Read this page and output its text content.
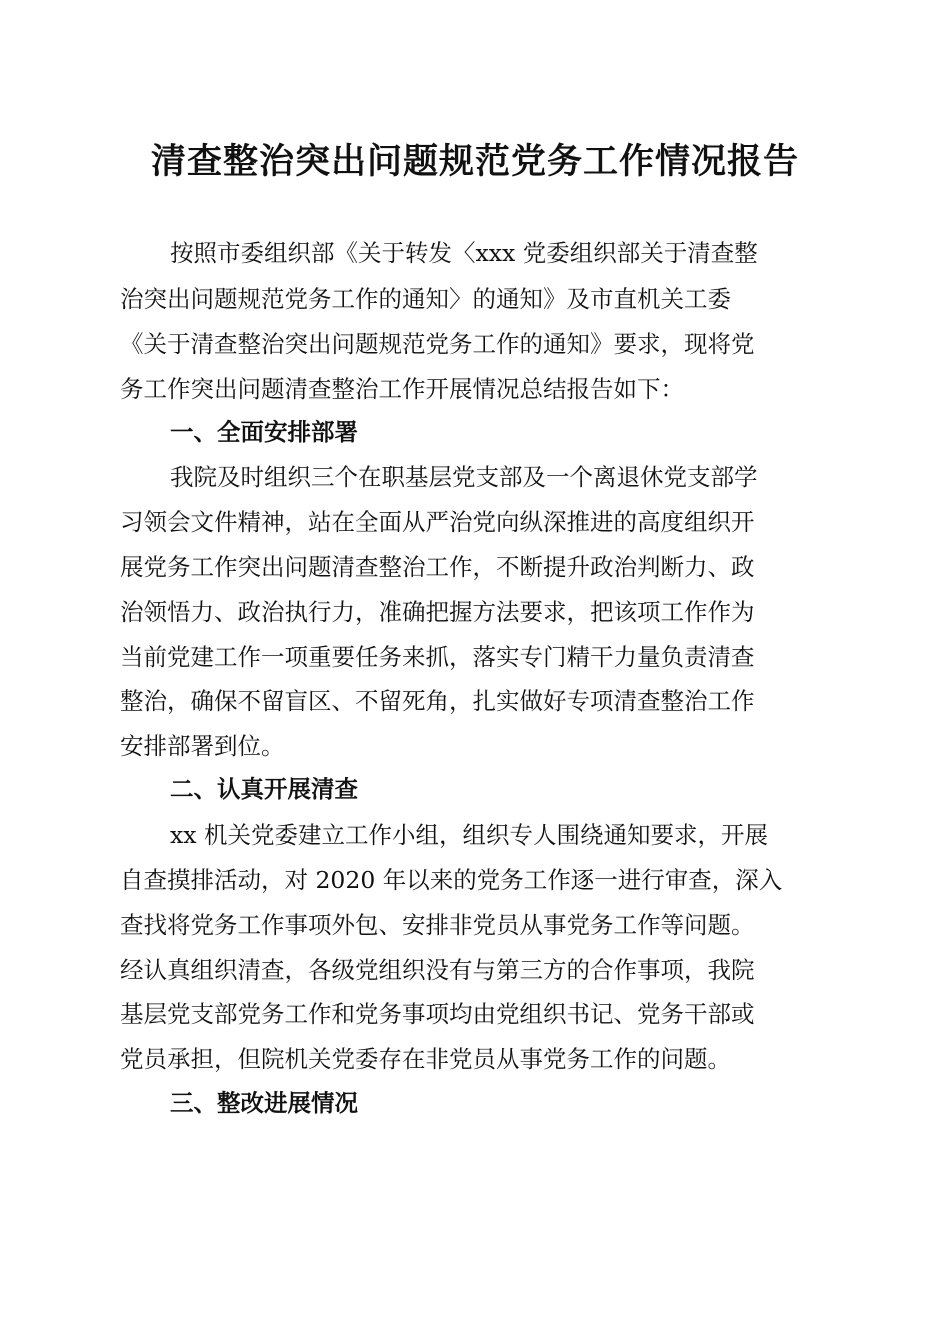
清查整治突出问题规范党务工作情况报告
按照市委组织部《关于转发〈xxx 党委组织部关于清查整
治突出问题规范党务工作的通知〉的通知》及市直机关工委
《关于清查整治突出问题规范党务工作的通知》要求，现将党
务工作突出问题清查整治工作开展情况总结报告如下：
一、全面安排部署
我院及时组织三个在职基层党支部及一个离退休党支部学
习领会文件精神，站在全面从严治党向纵深推进的高度组织开
展党务工作突出问题清查整治工作，不断提升政治判断力、政
治领悟力、政治执行力，准确把握方法要求，把该项工作作为
当前党建工作一项重要任务来抓，落实专门精干力量负责清查
整治，确保不留盲区、不留死角，扎实做好专项清查整治工作
安排部署到位。
二、认真开展清查
xx 机关党委建立工作小组，组织专人围绕通知要求，开展
自查摸排活动，对 2020 年以来的党务工作逐一进行审查，深入
查找将党务工作事项外包、安排非党员从事党务工作等问题。
经认真组织清查，各级党组织没有与第三方的合作事项，我院
基层党支部党务工作和党务事项均由党组织书记、党务干部或
党员承担，但院机关党委存在非党员从事党务工作的问题。
三、整改进展情况
